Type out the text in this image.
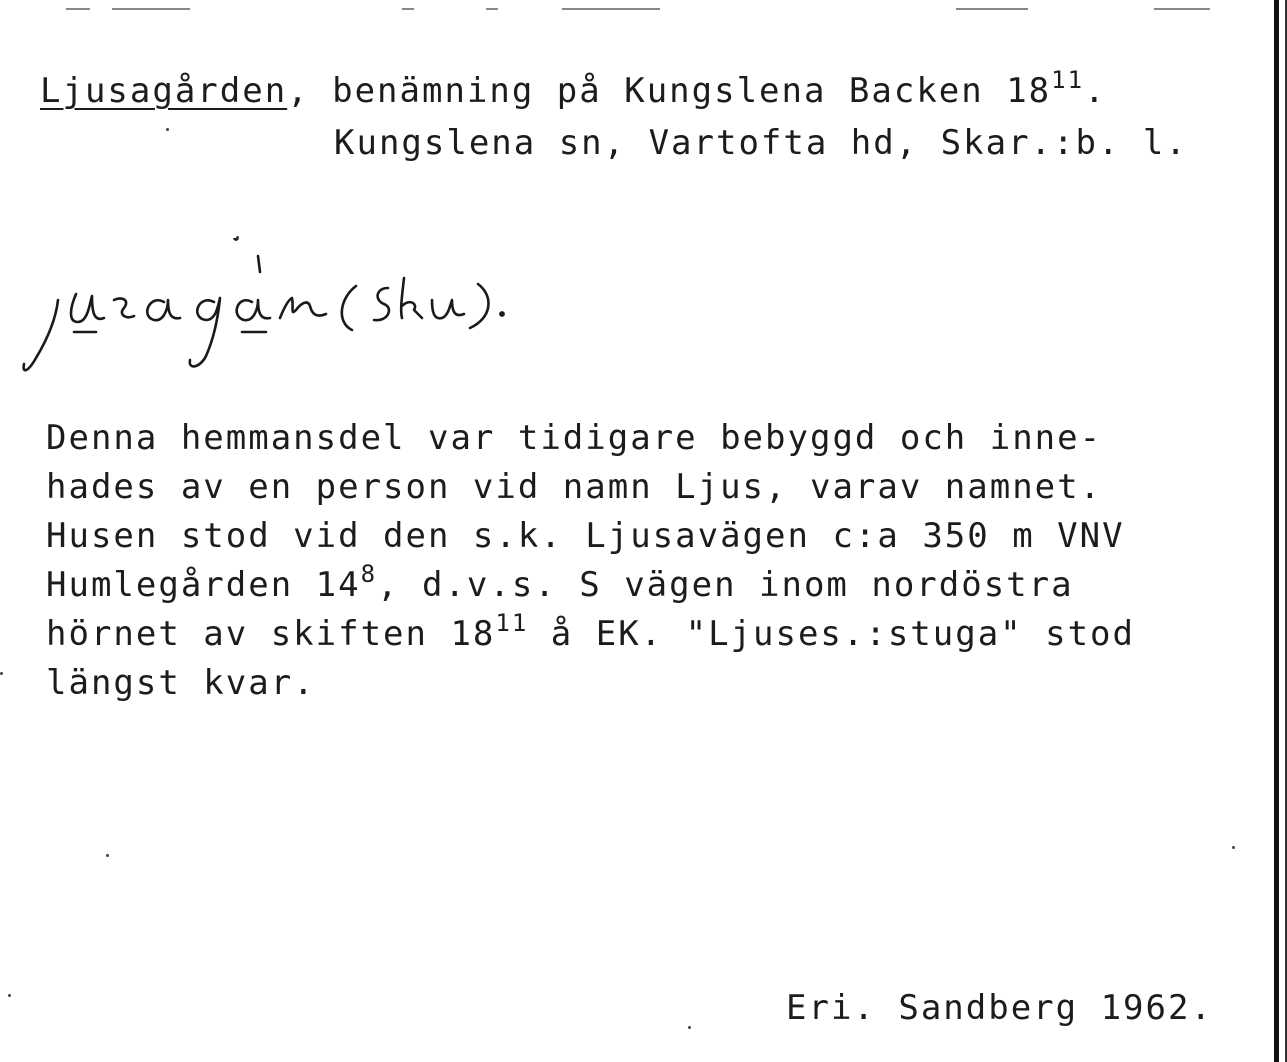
Ljusagården, benämning på Kungslena Backen $18^{11}$.
Kungslena sn, Vartofta hd, Skar.:b. l.
Denna hemmansdel var tidigare bebyggd och inne-
hades av en person vid namn Ljus, varav namnet.
Husen stod vid den s.k. Ljusavägen c:a 350 m VNV
Humlegården $14^8$, d.v.s. S vägen inom nordöstra
hörnet av skiften $18^{11}$ å EK. "Ljuses.:stuga" stod
längst kvar.
Eri. Sandberg 1962.
